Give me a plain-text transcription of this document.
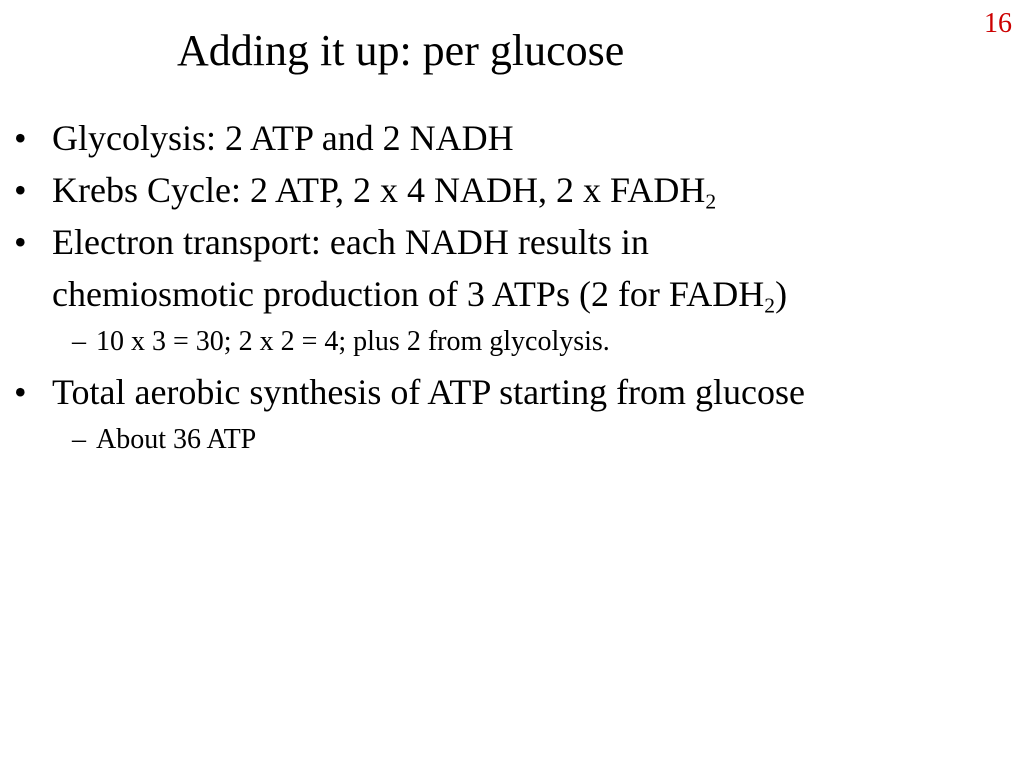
16
Adding it up: per glucose
• Glycolysis: 2 ATP and 2 NADH
• Krebs Cycle: 2 ATP, 2 x 4 NADH, 2 x $FADH_2$
• Electron transport: each NADH results in
chemiosmotic production of 3 ATPs (2 for $FADH_2$)
– 10 x 3 = 30; 2 x 2 = 4; plus 2 from glycolysis.
• Total aerobic synthesis of ATP starting from glucose
– About 36 ATP
